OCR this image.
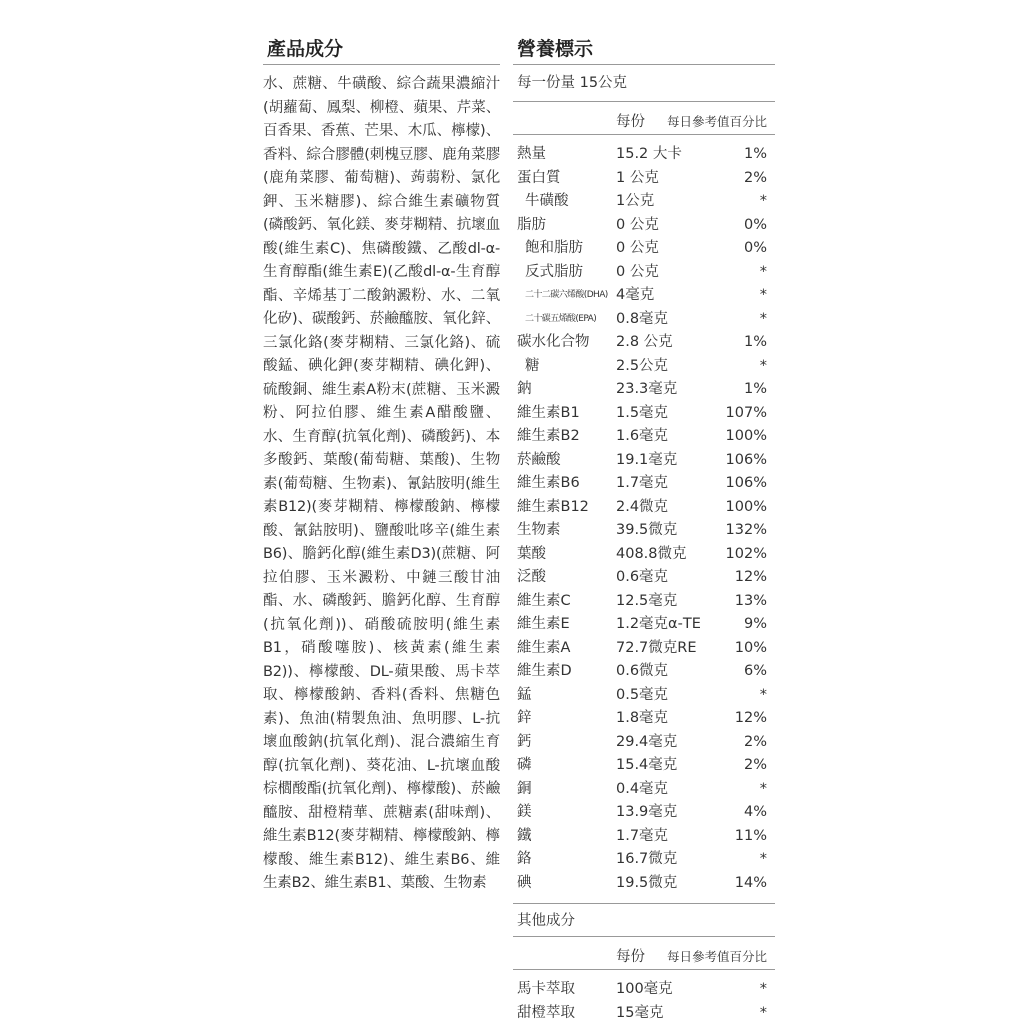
產品成分
水、蔗糖、牛磺酸、綜合蔬果濃縮汁(胡蘿蔔、鳳梨、柳橙、蘋果、芹菜、百香果、香蕉、芒果、木瓜、檸檬)、香料、綜合膠體(刺槐豆膠、鹿角菜膠(鹿角菜膠、葡萄糖)、蒟蒻粉、氯化鉀、玉米糖膠)、綜合維生素礦物質(磷酸鈣、氧化鎂、麥芽糊精、抗壞血酸(維生素C)、焦磷酸鐵、乙酸dl-α-生育醇酯(維生素E)(乙酸dl-α-生育醇酯、辛烯基丁二酸鈉澱粉、水、二氧化矽)、碳酸鈣、菸鹼醯胺、氧化鋅、三氯化鉻(麥芽糊精、三氯化鉻)、硫酸錳、碘化鉀(麥芽糊精、碘化鉀)、硫酸銅、維生素A粉末(蔗糖、玉米澱粉、阿拉伯膠、維生素A醋酸鹽、水、生育醇(抗氧化劑)、磷酸鈣)、本多酸鈣、葉酸(葡萄糖、葉酸)、生物素(葡萄糖、生物素)、氰鈷胺明(維生素B12)(麥芽糊精、檸檬酸鈉、檸檬酸、氰鈷胺明)、鹽酸吡哆辛(維生素B6)、膽鈣化醇(維生素D3)(蔗糖、阿拉伯膠、玉米澱粉、中鏈三酸甘油酯、水、磷酸鈣、膽鈣化醇、生育醇(抗氧化劑))、硝酸硫胺明(維生素B1，硝酸噻胺)、核黃素(維生素B2))、檸檬酸、DL-蘋果酸、馬卡萃取、檸檬酸鈉、香料(香料、焦糖色素)、魚油(精製魚油、魚明膠、L-抗壞血酸鈉(抗氧化劑)、混合濃縮生育醇(抗氧化劑)、葵花油、L-抗壞血酸棕櫚酸酯(抗氧化劑)、檸檬酸)、菸鹼醯胺、甜橙精華、蔗糖素(甜味劑)、維生素B12(麥芽糊精、檸檬酸鈉、檸檬酸、維生素B12)、維生素B6、維生素B2、維生素B1、葉酸、生物素
營養標示
每一份量 15公克
每份 每日參考值百分比
熱量	15.2 大卡	1%
蛋白質	1 公克	2%
牛磺酸	1公克	*
脂肪	0 公克	0%
飽和脂肪 0 公克	0%
反式脂肪 0 公克	*
二十二碳六烯酸(DHA) 4毫克	*
二十碳五烯酸(EPA) 0.8毫克	*
碳水化合物 2.8 公克	1%
糖	2.5公克	*
鈉	23.3毫克	1%
維生素B1	1.5毫克	107%
維生素B2	1.6毫克	100%
菸鹼酸	19.1毫克	106%
維生素B6	1.7毫克	106%
維生素B12 2.4微克	100%
生物素	39.5微克	132%
葉酸	408.8微克	102%
泛酸	0.6毫克	12%
維生素C	12.5毫克	13%
維生素E	1.2毫克α-TE	9%
維生素A	72.7微克RE	10%
維生素D	0.6微克	6%
錳	0.5毫克	*
鋅	1.8毫克	12%
鈣	29.4毫克	2%
磷	15.4毫克	2%
銅	0.4毫克	*
鎂	13.9毫克	4%
鐵	1.7毫克	11%
鉻	16.7微克	*
碘	19.5微克	14%
其他成分
每份 每日參考值百分比
馬卡萃取	100毫克	*
甜橙萃取	15毫克	*
